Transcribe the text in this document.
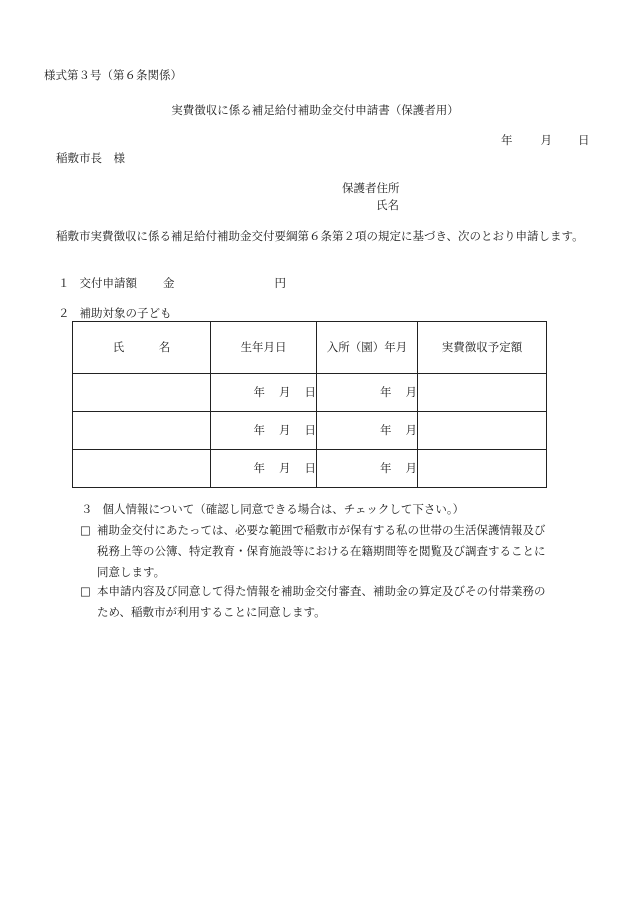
様式第３号（第６条関係）
実費徴収に係る補足給付補助金交付申請書（保護者用）
年 月 日
稲敷市長　様
保護者住所
氏名
稲敷市実費徴収に係る補足給付補助金交付要綱第６条第２項の規定に基づき、次のとおり申請します。
１ 交付申請額 金	円
２ 補助対象の子ども
氏　　　名	生年月日	入所（園）年月	実費徴収予定額
	年 月 日	年 月	
	年 月 日	年 月	
	年 月 日	年 月	
３ 個人情報について（確認し同意できる場合は、チェックして下さい。）
□ 補助金交付にあたっては、必要な範囲で稲敷市が保有する私の世帯の生活保護情報及び税務上等の公簿、特定教育・保育施設等における在籍期間等を閲覧及び調査することに同意します。
□ 本申請内容及び同意して得た情報を補助金交付審査、補助金の算定及びその付帯業務のため、稲敷市が利用することに同意します。
